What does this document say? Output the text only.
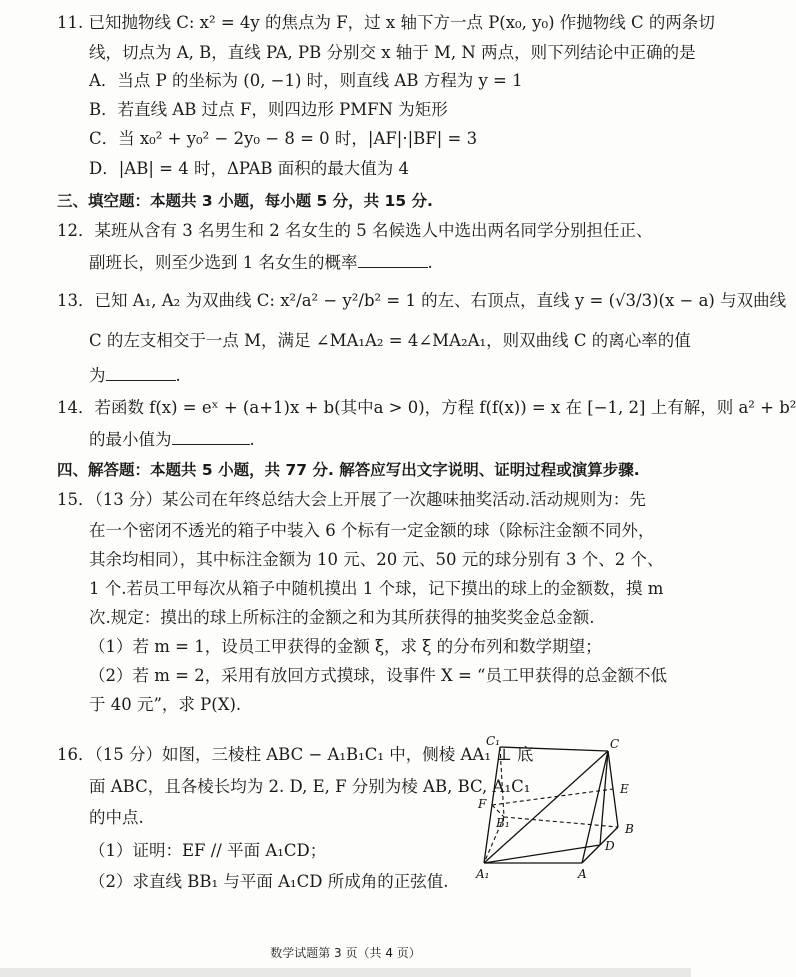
11. 已知抛物线 C: x² = 4y 的焦点为 F，过 x 轴下方一点 P(x₀, y₀) 作抛物线 C 的两条切
线，切点为 A, B，直线 PA, PB 分别交 x 轴于 M, N 两点，则下列结论中正确的是
A．当点 P 的坐标为 (0, −1) 时，则直线 AB 方程为 y = 1
B．若直线 AB 过点 F，则四边形 PMFN 为矩形
C．当 x₀² + y₀² − 2y₀ − 8 = 0 时，|AF|·|BF| = 3
D．|AB| = 4 时，ΔPAB 面积的最大值为 4
三、填空题：本题共 3 小题，每小题 5 分，共 15 分.
12．某班从含有 3 名男生和 2 名女生的 5 名候选人中选出两名同学分别担任正、
副班长，则至少选到 1 名女生的概率	.
13．已知 A₁, A₂ 为双曲线 C: x²/a² − y²/b² = 1 的左、右顶点，直线 y = (√3/3)(x − a) 与双曲线
C 的左支相交于一点 M，满足 ∠MA₁A₂ = 4∠MA₂A₁，则双曲线 C 的离心率的值
为	.
14．若函数 f(x) = eˣ + (a+1)x + b(其中a > 0)，方程 f(f(x)) = x 在 [−1, 2] 上有解，则 a² + b²
的最小值为	.
四、解答题：本题共 5 小题，共 77 分. 解答应写出文字说明、证明过程或演算步骤.
15．（13 分）某公司在年终总结大会上开展了一次趣味抽奖活动.活动规则为：先
在一个密闭不透光的箱子中装入 6 个标有一定金额的球（除标注金额不同外，
其余均相同），其中标注金额为 10 元、20 元、50 元的球分别有 3 个、2 个、
1 个.若员工甲每次从箱子中随机摸出 1 个球，记下摸出的球上的金额数，摸 m
次.规定：摸出的球上所标注的金额之和为其所获得的抽奖奖金总金额.
（1）若 m = 1，设员工甲获得的金额 ξ，求 ξ 的分布列和数学期望；
（2）若 m = 2，采用有放回方式摸球，设事件 X = “员工甲获得的总金额不低
于 40 元”，求 P(X).
16．（15 分）如图，三棱柱 ABC − A₁B₁C₁ 中，侧棱 AA₁ ⊥ 底
面 ABC，且各棱长均为 2. D, E, F 分别为棱 AB, BC, A₁C₁
的中点.
（1）证明：EF // 平面 A₁CD；
（2）求直线 BB₁ 与平面 A₁CD 所成角的正弦值.
C₁	C
E
F
B₁	B
D
A₁	A
数学试题第 3 页（共 4 页）
